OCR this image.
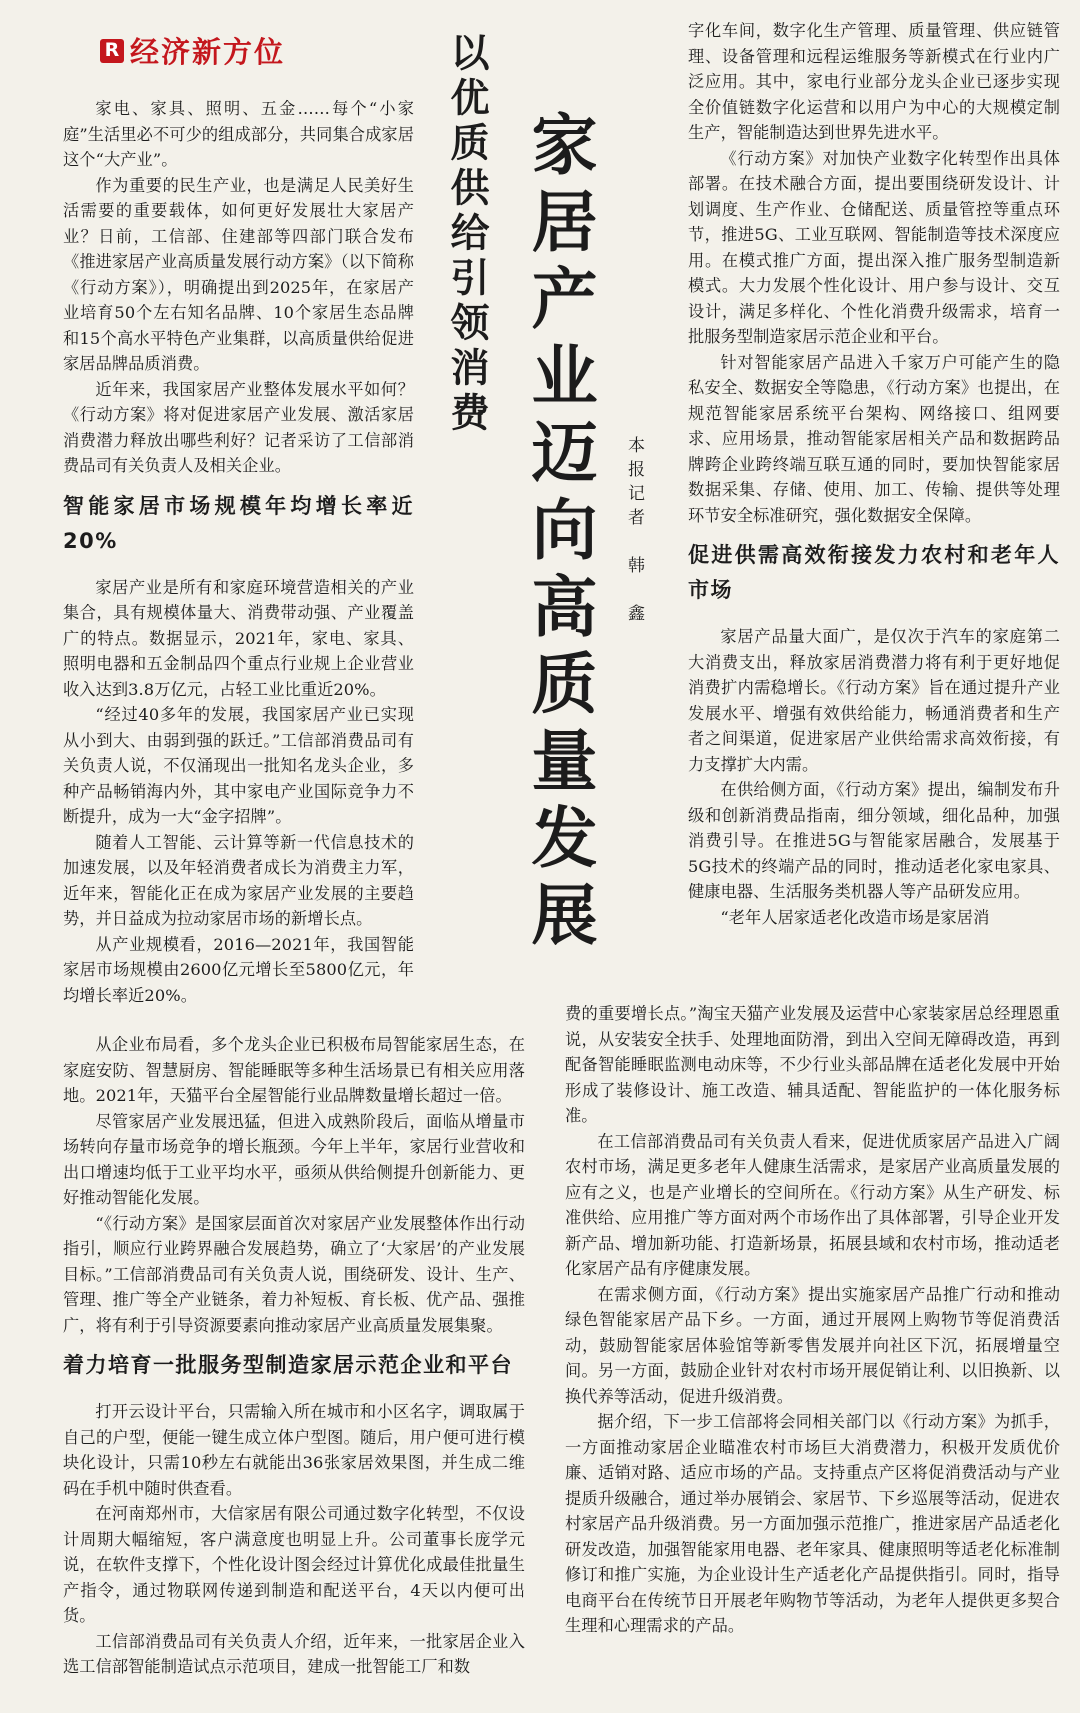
R 经济新方位	以优质供给引领消费 家居产业迈向高质量发展	本报记者　韩　鑫

家电、家具、照明、五金……每个“小家庭”生活里必不可少的组成部分，共同集合成家居这个“大产业”。

作为重要的民生产业，也是满足人民美好生活需要的重要载体，如何更好发展壮大家居产业？日前，工信部、住建部等四部门联合发布《推进家居产业高质量发展行动方案》（以下简称《行动方案》），明确提出到2025年，在家居产业培育50个左右知名品牌、10个家居生态品牌和15个高水平特色产业集群，以高质量供给促进家居品牌品质消费。

近年来，我国家居产业整体发展水平如何？《行动方案》将对促进家居产业发展、激活家居消费潜力释放出哪些利好？记者采访了工信部消费品司有关负责人及相关企业。

智能家居市场规模年均增长率近20%

家居产业是所有和家庭环境营造相关的产业集合，具有规模体量大、消费带动强、产业覆盖广的特点。数据显示，2021年，家电、家具、照明电器和五金制品四个重点行业规上企业营业收入达到3.8万亿元，占轻工业比重近20%。

“经过40多年的发展，我国家居产业已实现从小到大、由弱到强的跃迁。”工信部消费品司有关负责人说，不仅涌现出一批知名龙头企业，多种产品畅销海内外，其中家电产业国际竞争力不断提升，成为一大“金字招牌”。

随着人工智能、云计算等新一代信息技术的加速发展，以及年轻消费者成长为消费主力军，近年来，智能化正在成为家居产业发展的主要趋势，并日益成为拉动家居市场的新增长点。

从产业规模看，2016—2021年，我国智能家居市场规模由2600亿元增长至5800亿元，年均增长率近20%。

从企业布局看，多个龙头企业已积极布局智能家居生态，在家庭安防、智慧厨房、智能睡眠等多种生活场景已有相关应用落地。2021年，天猫平台全屋智能行业品牌数量增长超过一倍。

尽管家居产业发展迅猛，但进入成熟阶段后，面临从增量市场转向存量市场竞争的增长瓶颈。今年上半年，家居行业营收和出口增速均低于工业平均水平，亟须从供给侧提升创新能力、更好推动智能化发展。

“《行动方案》是国家层面首次对家居产业发展整体作出行动指引，顺应行业跨界融合发展趋势，确立了‘大家居’的产业发展目标。”工信部消费品司有关负责人说，围绕研发、设计、生产、管理、推广等全产业链条，着力补短板、育长板、优产品、强推广，将有利于引导资源要素向推动家居产业高质量发展集聚。

着力培育一批服务型制造家居示范企业和平台

打开云设计平台，只需输入所在城市和小区名字，调取属于自己的户型，便能一键生成立体户型图。随后，用户便可进行模块化设计，只需10秒左右就能出36张家居效果图，并生成二维码在手机中随时供查看。

在河南郑州市，大信家居有限公司通过数字化转型，不仅设计周期大幅缩短，客户满意度也明显上升。公司董事长庞学元说，在软件支撑下，个性化设计图会经过计算优化成最佳批量生产指令，通过物联网传递到制造和配送平台，4天以内便可出货。

工信部消费品司有关负责人介绍，近年来，一批家居企业入选工信部智能制造试点示范项目，建成一批智能工厂和数

字化车间，数字化生产管理、质量管理、供应链管理、设备管理和远程运维服务等新模式在行业内广泛应用。其中，家电行业部分龙头企业已逐步实现全价值链数字化运营和以用户为中心的大规模定制生产，智能制造达到世界先进水平。

《行动方案》对加快产业数字化转型作出具体部署。在技术融合方面，提出要围绕研发设计、计划调度、生产作业、仓储配送、质量管控等重点环节，推进5G、工业互联网、智能制造等技术深度应用。在模式推广方面，提出深入推广服务型制造新模式。大力发展个性化设计、用户参与设计、交互设计，满足多样化、个性化消费升级需求，培育一批服务型制造家居示范企业和平台。

针对智能家居产品进入千家万户可能产生的隐私安全、数据安全等隐患，《行动方案》也提出，在规范智能家居系统平台架构、网络接口、组网要求、应用场景，推动智能家居相关产品和数据跨品牌跨企业跨终端互联互通的同时，要加快智能家居数据采集、存储、使用、加工、传输、提供等处理环节安全标准研究，强化数据安全保障。

促进供需高效衔接发力农村和老年人市场

家居产品量大面广，是仅次于汽车的家庭第二大消费支出，释放家居消费潜力将有利于更好地促消费扩内需稳增长。《行动方案》旨在通过提升产业发展水平、增强有效供给能力，畅通消费者和生产者之间渠道，促进家居产业供给需求高效衔接，有力支撑扩大内需。

在供给侧方面，《行动方案》提出，编制发布升级和创新消费品指南，细分领域，细化品种，加强消费引导。在推进5G与智能家居融合，发展基于5G技术的终端产品的同时，推动适老化家电家具、健康电器、生活服务类机器人等产品研发应用。

“老年人居家适老化改造市场是家居消

费的重要增长点。”淘宝天猫产业发展及运营中心家装家居总经理恩重说，从安装安全扶手、处理地面防滑，到出入空间无障碍改造，再到配备智能睡眠监测电动床等，不少行业头部品牌在适老化发展中开始形成了装修设计、施工改造、辅具适配、智能监护的一体化服务标准。

在工信部消费品司有关负责人看来，促进优质家居产品进入广阔农村市场，满足更多老年人健康生活需求，是家居产业高质量发展的应有之义，也是产业增长的空间所在。《行动方案》从生产研发、标准供给、应用推广等方面对两个市场作出了具体部署，引导企业开发新产品、增加新功能、打造新场景，拓展县域和农村市场，推动适老化家居产品有序健康发展。

在需求侧方面，《行动方案》提出实施家居产品推广行动和推动绿色智能家居产品下乡。一方面，通过开展网上购物节等促消费活动，鼓励智能家居体验馆等新零售发展并向社区下沉，拓展增量空间。另一方面，鼓励企业针对农村市场开展促销让利、以旧换新、以换代养等活动，促进升级消费。

据介绍，下一步工信部将会同相关部门以《行动方案》为抓手，一方面推动家居企业瞄准农村市场巨大消费潜力，积极开发质优价廉、适销对路、适应市场的产品。支持重点产区将促消费活动与产业提质升级融合，通过举办展销会、家居节、下乡巡展等活动，促进农村家居产品升级消费。另一方面加强示范推广，推进家居产品适老化研发改造，加强智能家用电器、老年家具、健康照明等适老化标准制修订和推广实施，为企业设计生产适老化产品提供指引。同时，指导电商平台在传统节日开展老年购物节等活动，为老年人提供更多契合生理和心理需求的产品。
